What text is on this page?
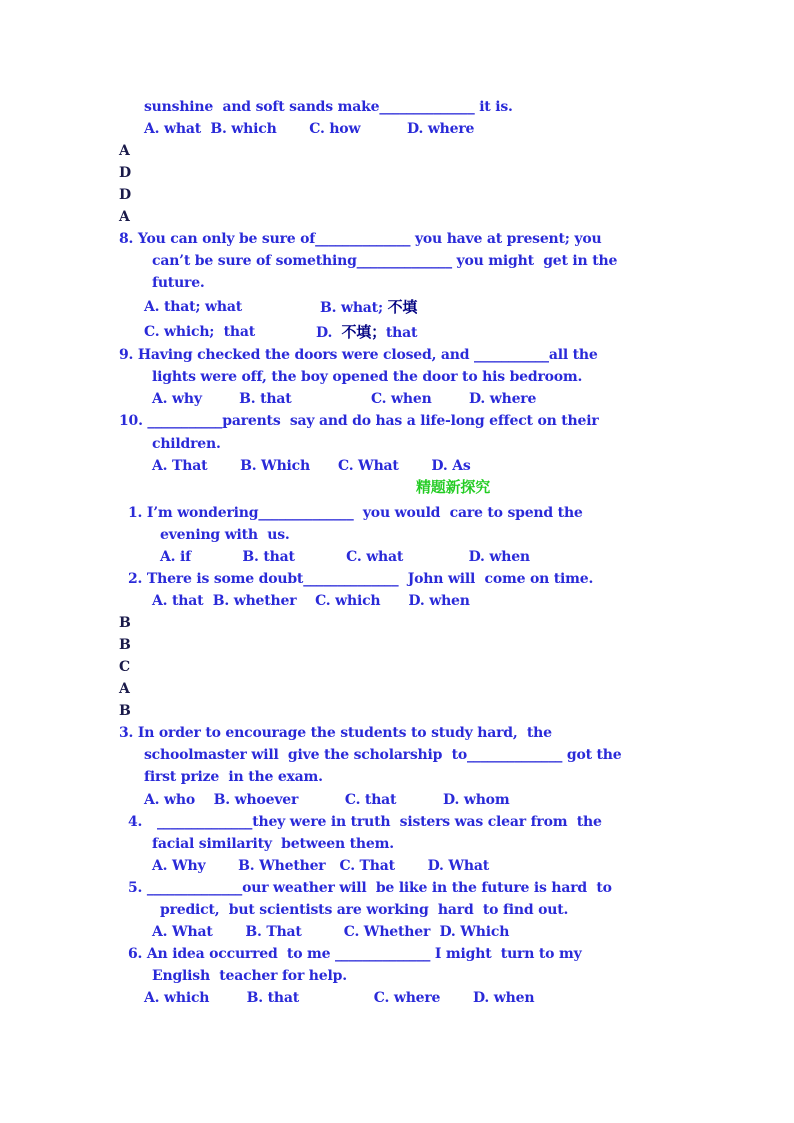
sunshine  and soft sands make______________ it is.
A. what  B. which       C. how          D. where
A
D
D
A
8. You can only be sure of______________ you have at present; you
can’t be sure of something______________ you might  get in the
future.
A. that; what	B. what; 不填
C. which;  that	D.  不填；that
9. Having checked the doors were closed, and ___________all the
lights were off, the boy opened the door to his bedroom.
A. why        B. that                 C. when        D. where
10. ___________parents  say and do has a life-long effect on their
children.
A. That       B. Which      C. What       D. As
精题新探究
1. I’m wondering______________  you would  care to spend the
evening with  us.
A. if           B. that           C. what              D. when
2. There is some doubt______________  John will  come on time.
A. that  B. whether    C. which      D. when
B
B
C
A
B
3. In order to encourage the students to study hard,  the
schoolmaster will  give the scholarship  to______________ got the
first prize  in the exam.
A. who    B. whoever          C. that          D. whom
4. ______________they were in truth  sisters was clear from  the
facial similarity  between them.
A. Why       B. Whether   C. That       D. What
5. ______________our weather will  be like in the future is hard  to
predict,  but scientists are working  hard  to find out.
A. What       B. That         C. Whether  D. Which
6. An idea occurred  to me ______________ I might  turn to my
English  teacher for help.
A. which        B. that                C. where       D. when
